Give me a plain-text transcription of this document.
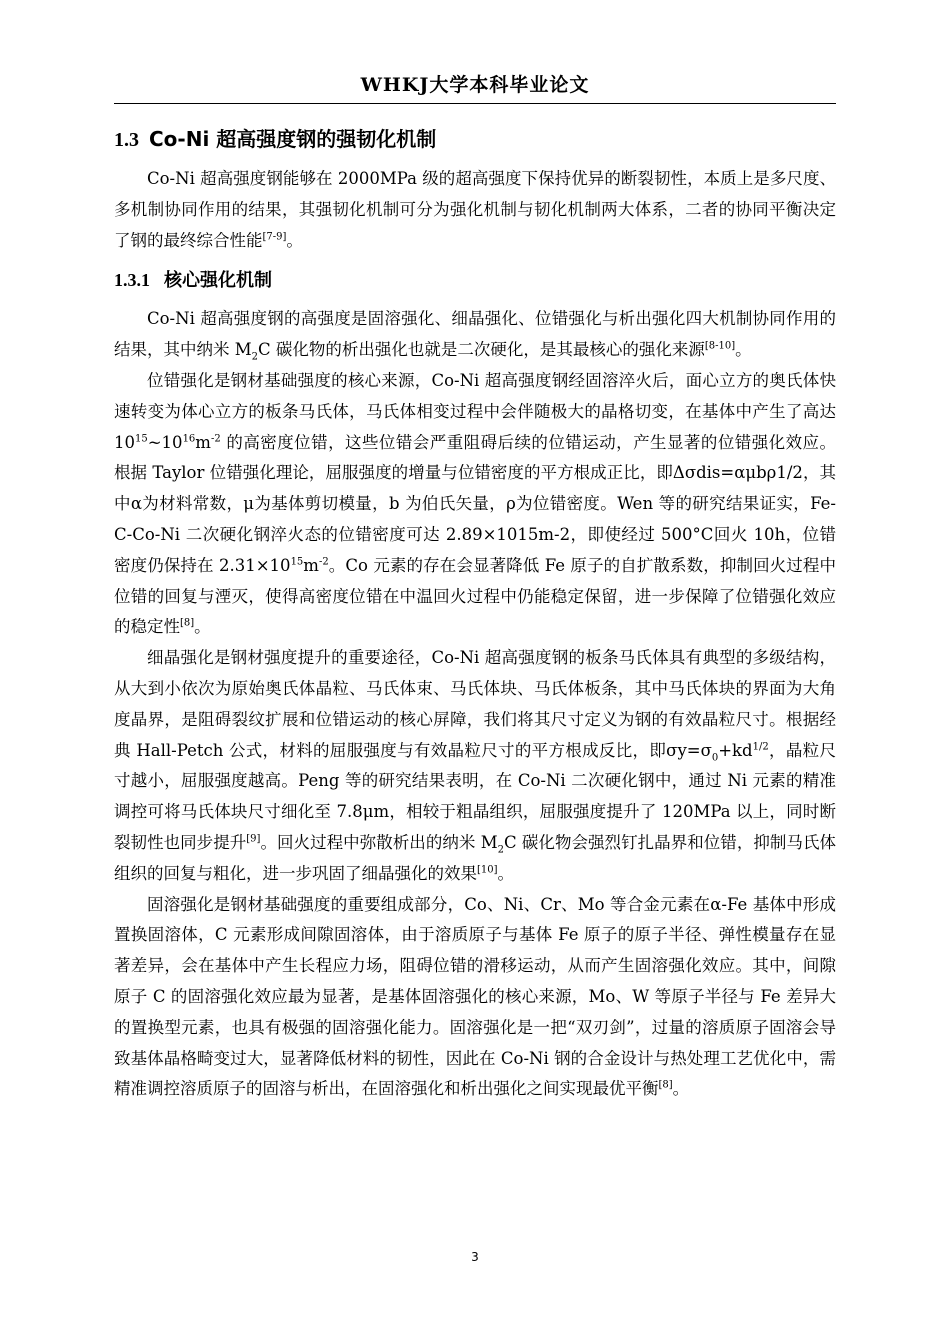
WHKJ大学本科毕业论文
1.3 Co-Ni 超高强度钢的强韧化机制

Co-Ni 超高强度钢能够在 2000MPa 级的超高强度下保持优异的断裂韧性，本质上是多尺度、多机制协同作用的结果，其强韧化机制可分为强化机制与韧化机制两大体系，二者的协同平衡决定了钢的最终综合性能[7-9]。

1.3.1 核心强化机制

Co-Ni 超高强度钢的高强度是固溶强化、细晶强化、位错强化与析出强化四大机制协同作用的结果，其中纳米 $M_2C$ 碳化物的析出强化也就是二次硬化，是其最核心的强化来源[8-10]。

位错强化是钢材基础强度的核心来源，Co-Ni 超高强度钢经固溶淬火后，面心立方的奥氏体快速转变为体心立方的板条马氏体，马氏体相变过程中会伴随极大的晶格切变，在基体中产生了高达 $10^{15}\sim 10^{16}m^{-2}$ 的高密度位错，这些位错会严重阻碍后续的位错运动，产生显著的位错强化效应。根据 Taylor 位错强化理论，屈服强度的增量与位错密度的平方根成正比，即Δσdis=αμbρ1/2，其中α为材料常数，μ为基体剪切模量，b 为伯氏矢量，ρ为位错密度。Wen 等的研究结果证实，Fe-C-Co-Ni 二次硬化钢淬火态的位错密度可达 2.89×1015m-2，即使经过 500°C回火 10h，位错密度仍保持在 $2.31\times 10^{15}m^{-2}$。Co 元素的存在会显著降低 Fe 原子的自扩散系数，抑制回火过程中位错的回复与湮灭，使得高密度位错在中温回火过程中仍能稳定保留，进一步保障了位错强化效应的稳定性[8]。

细晶强化是钢材强度提升的重要途径，Co-Ni 超高强度钢的板条马氏体具有典型的多级结构，从大到小依次为原始奥氏体晶粒、马氏体束、马氏体块、马氏体板条，其中马氏体块的界面为大角度晶界，是阻碍裂纹扩展和位错运动的核心屏障，我们将其尺寸定义为钢的有效晶粒尺寸。根据经典 Hall-Petch 公式，材料的屈服强度与有效晶粒尺寸的平方根成反比，即$\sigma y=\sigma_0+kd^{1/2}$，晶粒尺寸越小，屈服强度越高。Peng 等的研究结果表明，在 Co-Ni 二次硬化钢中，通过 Ni 元素的精准调控可将马氏体块尺寸细化至 7.8μm，相较于粗晶组织，屈服强度提升了 120MPa 以上，同时断裂韧性也同步提升[9]。回火过程中弥散析出的纳米 $M_2C$ 碳化物会强烈钉扎晶界和位错，抑制马氏体组织的回复与粗化，进一步巩固了细晶强化的效果[10]。

固溶强化是钢材基础强度的重要组成部分，Co、Ni、Cr、Mo 等合金元素在α-Fe 基体中形成置换固溶体，C 元素形成间隙固溶体，由于溶质原子与基体 Fe 原子的原子半径、弹性模量存在显著差异，会在基体中产生长程应力场，阻碍位错的滑移运动，从而产生固溶强化效应。其中，间隙原子 C 的固溶强化效应最为显著，是基体固溶强化的核心来源，Mo、W 等原子半径与 Fe 差异大的置换型元素，也具有极强的固溶强化能力。固溶强化是一把“双刃剑”，过量的溶质原子固溶会导致基体晶格畸变过大，显著降低材料的韧性，因此在 Co-Ni 钢的合金设计与热处理工艺优化中，需精准调控溶质原子的固溶与析出，在固溶强化和析出强化之间实现最优平衡[8]。

3
